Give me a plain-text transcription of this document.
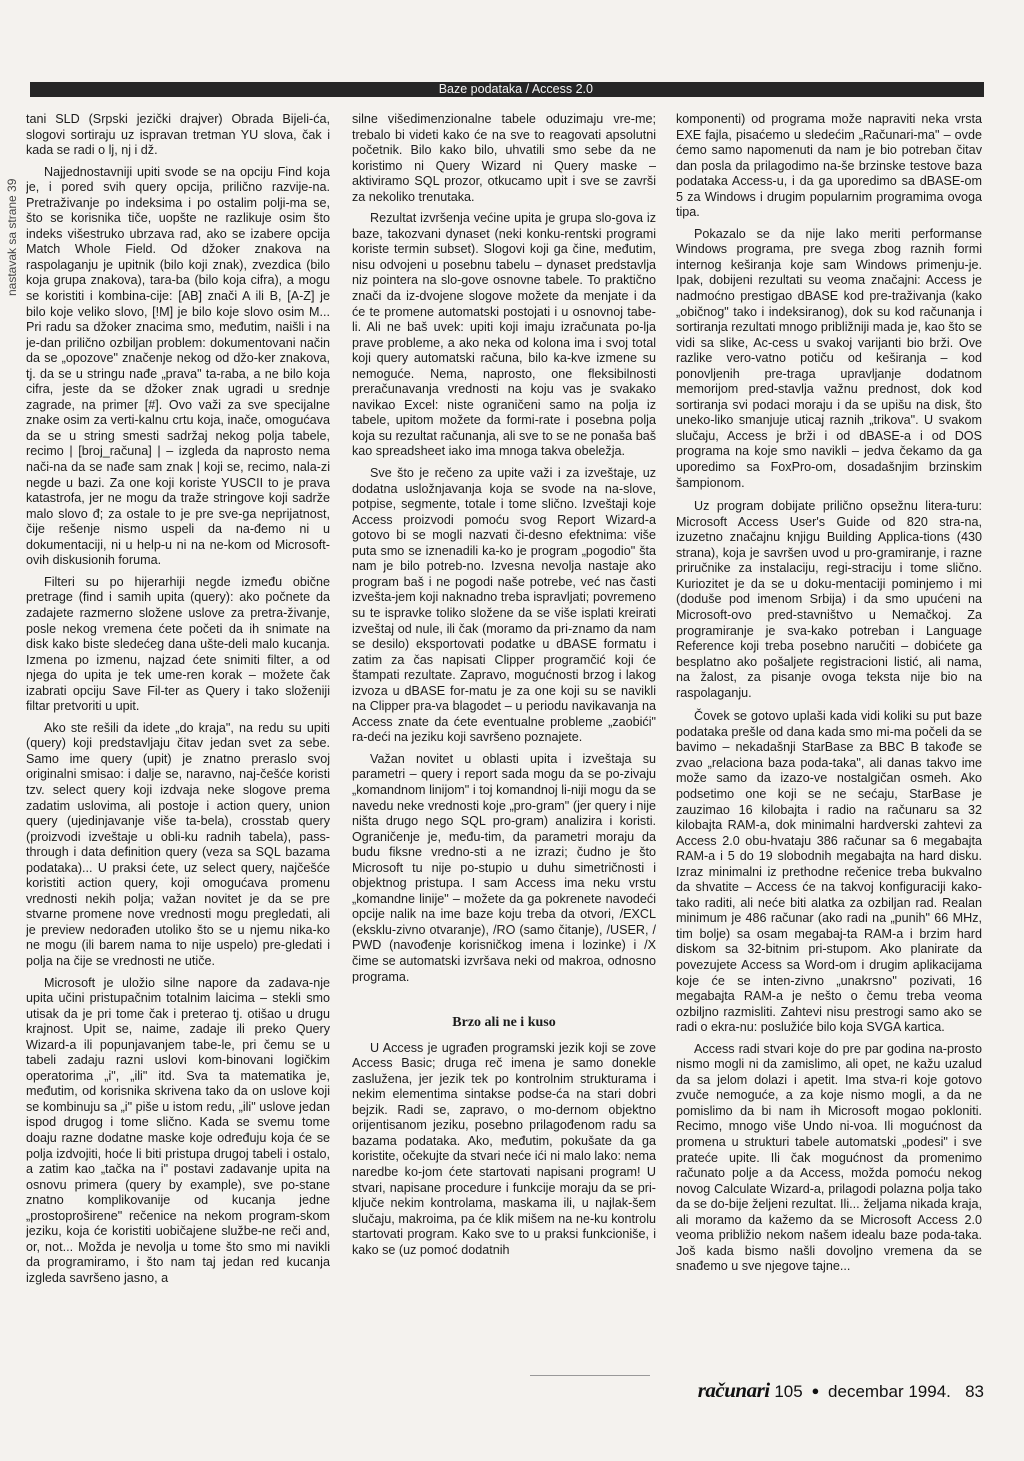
Baze podataka / Access 2.0
nastavak sa strane 39

tani SLD (Srpski jezički drajver) Obrada Bijeli-ća, slogovi sortiraju uz ispravan tretman YU slova, čak i kada se radi o lj, nj i dž.

Najjednostavniji upiti svode se na opciju Find koja je, i pored svih query opcija, prilično razvije-na. Pretraživanje po indeksima i po ostalim polji-ma se, što se korisnika tiče, uopšte ne razlikuje osim što indeks višestruko ubrzava rad, ako se izabere opcija Match Whole Field. Od džoker znakova na raspolaganju je upitnik (bilo koji znak), zvezdica (bilo koja grupa znakova), tara-ba (bilo koja cifra), a mogu se koristiti i kombina-cije: [AB] znači A ili B, [A-Z] je bilo koje veliko slovo, [!M] je bilo koje slovo osim M... Pri radu sa džoker znacima smo, međutim, naišli i na je-dan prilično ozbiljan problem: dokumentovani način da se „opozove" značenje nekog od džo-ker znakova, tj. da se u stringu nađe „prava" ta-raba, a ne bilo koja cifra, jeste da se džoker znak ugradi u srednje zagrade, na primer [#]. Ovo važi za sve specijalne znake osim za verti-kalnu crtu koja, inače, omogućava da se u string smesti sadržaj nekog polja tabele, recimo | [broj_računa] | – izgleda da naprosto nema nači-na da se nađe sam znak | koji se, recimo, nala-zi negde u bazi. Za one koji koriste YUSCII to je prava katastrofa, jer ne mogu da traže stringove koji sadrže malo slovo đ; za ostale to je pre sve-ga neprijatnost, čije rešenje nismo uspeli da na-đemo ni u dokumentaciji, ni u help-u ni na ne-kom od Microsoft-ovih diskusionih foruma.

Filteri su po hijerarhiji negde između obične pretrage (find i samih upita (query): ako počnete da zadajete razmerno složene uslove za pretra-živanje, posle nekog vremena ćete početi da ih snimate na disk kako biste sledećeg dana ušte-deli malo kucanja. Izmena po izmenu, najzad ćete snimiti filter, a od njega do upita je tek ume-ren korak – možete čak izabrati opciju Save Fil-ter as Query i tako složeniji filtar pretvoriti u upit.

Ako ste rešili da idete „do kraja", na redu su upiti (query) koji predstavljaju čitav jedan svet za sebe. Samo ime query (upit) je znatno preraslo svoj originalni smisao: i dalje se, naravno, naj-češće koristi tzv. select query koji izdvaja neke slogove prema zadatim uslovima, ali postoje i action query, union query (ujedinjavanje više ta-bela), crosstab query (proizvodi izveštaje u obli-ku radnih tabela), pass-through i data definition query (veza sa SQL bazama podataka)... U praksi ćete, uz select query, najčešće koristiti action query, koji omogućava promenu vrednosti nekih polja; važan novitet je da se pre stvarne promene nove vrednosti mogu pregledati, ali je preview nedorađen utoliko što se u njemu nika-ko ne mogu (ili barem nama to nije uspelo) pre-gledati i polja na čije se vrednosti ne utiče.

Microsoft je uložio silne napore da zadava-nje upita učini pristupačnim totalnim laicima – stekli smo utisak da je pri tome čak i preterao tj. otišao u drugu krajnost. Upit se, naime, zadaje ili preko Query Wizard-a ili popunjavanjem tabe-le, pri čemu se u tabeli zadaju razni uslovi kom-binovani logičkim operatorima „i", „ili" itd. Sva ta matematika je, međutim, od korisnika skrivena tako da on uslove koji se kombinuju sa „i" piše u istom redu, „ili" uslove jedan ispod drugog i tome slično. Kada se svemu tome doaju razne dodatne maske koje određuju koja će se polja izdvojiti, hoće li biti pristupa drugoj tabeli i ostalo, a zatim kao „tačka na i" postavi zadavanje upita na osnovu primera (query by example), sve po-stane znatno komplikovanije od kucanja jedne „prostoproširene" rečenice na nekom program-skom jeziku, koja će koristiti uobičajene službe-ne reči and, or, not... Možda je nevolja u tome što smo mi navikli da programiramo, i što nam taj jedan red kucanja izgleda savršeno jasno, a

silne višedimenzionalne tabele oduzimaju vre-me; trebalo bi videti kako će na sve to reagovati apsolutni početnik. Bilo kako bilo, uhvatili smo sebe da ne koristimo ni Query Wizard ni Query maske – aktiviramo SQL prozor, otkucamo upit i sve se završi za nekoliko trenutaka.

Rezultat izvršenja većine upita je grupa slo-gova iz baze, takozvani dynaset (neki konku-rentski programi koriste termin subset). Slogovi koji ga čine, međutim, nisu odvojeni u posebnu tabelu – dynaset predstavlja niz pointera na slo-gove osnovne tabele. To praktično znači da iz-dvojene slogove možete da menjate i da će te promene automatski postojati i u osnovnoj tabe-li. Ali ne baš uvek: upiti koji imaju izračunata po-lja prave probleme, a ako neka od kolona ima i svoj total koji query automatski računa, bilo ka-kve izmene su nemoguće. Nema, naprosto, one fleksibilnosti preračunavanja vrednosti na koju vas je svakako navikao Excel: niste ograničeni samo na polja iz tabele, upitom možete da formi-rate i posebna polja koja su rezultat računanja, ali sve to se ne ponaša baš kao spreadsheet iako ima mnoga takva obeležja.

Sve što je rečeno za upite važi i za izveštaje, uz dodatna usložnjavanja koja se svode na na-slove, potpise, segmente, totale i tome slično. Izveštaji koje Access proizvodi pomoću svog Report Wizard-a gotovo bi se mogli nazvati či-desno efektnima: više puta smo se iznenadili ka-ko je program „pogodio" šta nam je bilo potreb-no. Izvesna nevolja nastaje ako program baš i ne pogodi naše potrebe, već nas časti izvešta-jem koji naknadno treba ispravljati; povremeno su te ispravke toliko složene da se više isplati kreirati izveštaj od nule, ili čak (moramo da pri-znamo da nam se desilo) eksportovati podatke u dBASE formatu i zatim za čas napisati Clipper programčić koji će štampati rezultate. Zapravo, mogućnosti brzog i lakog izvoza u dBASE for-matu je za one koji su se navikli na Clipper pra-va blagodet – u periodu navikavanja na Access znate da ćete eventualne probleme „zaobići" ra-deći na jeziku koji savršeno poznajete.

Važan novitet u oblasti upita i izveštaja su parametri – query i report sada mogu da se po-zivaju „komandnom linijom" i toj komandnoj li-niji mogu da se navedu neke vrednosti koje „pro-gram" (jer query i nije ništa drugo nego SQL pro-gram) analizira i koristi. Ograničenje je, među-tim, da parametri moraju da budu fiksne vredno-sti a ne izrazi; čudno je što Microsoft tu nije po-stupio u duhu simetričnosti i objektnog pristupa. I sam Access ima neku vrstu „komandne linije" – možete da ga pokrenete navodeći opcije nalik na ime baze koju treba da otvori, /EXCL (eksklu-zivno otvaranje), /RO (samo čitanje), /USER, / PWD (navođenje korisničkog imena i lozinke) i /X čime se automatski izvršava neki od makroa, odnosno programa.

Brzo ali ne i kuso

U Access je ugrađen programski jezik koji se zove Access Basic; druga reč imena je samo donekle zaslužena, jer jezik tek po kontrolnim strukturama i nekim elementima sintakse podse-ća na stari dobri bejzik. Radi se, zapravo, o mo-dernom objektno orijentisanom jeziku, posebno prilagođenom radu sa bazama podataka. Ako, međutim, pokušate da ga koristite, očekujte da stvari neće ići ni malo lako: nema naredbe ko-jom ćete startovati napisani program! U stvari, napisane procedure i funkcije moraju da se pri-ključe nekim kontrolama, maskama ili, u najlak-šem slučaju, makroima, pa će klik mišem na ne-ku kontrolu startovati program. Kako sve to u praksi funkcioniše, i kako se (uz pomoć dodatnih

komponenti) od programa može napraviti neka vrsta EXE fajla, pisaćemo u sledećim „Računari-ma" – ovde ćemo samo napomenuti da nam je bio potreban čitav dan posla da prilagodimo na-še brzinske testove baza podataka Access-u, i da ga uporedimo sa dBASE-om 5 za Windows i drugim popularnim programima ovoga tipa.

Pokazalo se da nije lako meriti performanse Windows programa, pre svega zbog raznih formi internog keširanja koje sam Windows primenju-je. Ipak, dobijeni rezultati su veoma značajni: Access je nadmoćno prestigao dBASE kod pre-traživanja (kako „običnog" tako i indeksiranog), dok su kod računanja i sortiranja rezultati mnogo približniji mada je, kao što se vidi sa slike, Ac-cess u svakoj varijanti bio brži. Ove razlike vero-vatno potiču od keširanja – kod ponovljenih pre-traga upravljanje dodatnom memorijom pred-stavlja važnu prednost, dok kod sortiranja svi podaci moraju i da se upišu na disk, što uneko-liko smanjuje uticaj raznih „trikova". U svakom slučaju, Access je brži i od dBASE-a i od DOS programa na koje smo navikli – jedva čekamo da ga uporedimo sa FoxPro-om, dosadašnjim brzinskim šampionom.

Uz program dobijate prilično opsežnu litera-turu: Microsoft Access User's Guide od 820 stra-na, izuzetno značajnu knjigu Building Applica-tions (430 strana), koja je savršen uvod u pro-gramiranje, i razne priručnike za instalaciju, regi-straciju i tome slično. Kuriozitet je da se u doku-mentaciji pominjemo i mi (doduše pod imenom Srbija) i da smo upućeni na Microsoft-ovo pred-stavništvo u Nemačkoj. Za programiranje je sva-kako potreban i Language Reference koji treba posebno naručiti – dobićete ga besplatno ako pošaljete registracioni listić, ali nama, na žalost, za pisanje ovoga teksta nije bio na raspolaganju.

Čovek se gotovo uplaši kada vidi koliki su put baze podataka prešle od dana kada smo mi-ma počeli da se bavimo – nekadašnji StarBase za BBC B takođe se zvao „relaciona baza poda-taka", ali danas takvo ime može samo da izazo-ve nostalgičan osmeh. Ako podsetimo one koji se ne sećaju, StarBase je zauzimao 16 kilobajta i radio na računaru sa 32 kilobajta RAM-a, dok minimalni hardverski zahtevi za Access 2.0 obu-hvataju 386 računar sa 6 megabajta RAM-a i 5 do 19 slobodnih megabajta na hard disku. Izraz minimalni iz prethodne rečenice treba bukvalno da shvatite – Access će na takvoj konfiguraciji kako-tako raditi, ali neće biti alatka za ozbiljan rad. Realan minimum je 486 računar (ako radi na „punih" 66 MHz, tim bolje) sa osam megabaj-ta RAM-a i brzim hard diskom sa 32-bitnim pri-stupom. Ako planirate da povezujete Access sa Word-om i drugim aplikacijama koje će se inten-zivno „unakrsno" pozivati, 16 megabajta RAM-a je nešto o čemu treba veoma ozbiljno razmisliti. Zahtevi nisu prestrogi samo ako se radi o ekra-nu: poslužiće bilo koja SVGA kartica.

Access radi stvari koje do pre par godina na-prosto nismo mogli ni da zamislimo, ali opet, ne kažu uzalud da sa jelom dolazi i apetit. Ima stva-ri koje gotovo zvuče nemoguće, a za koje nismo mogli, a da ne pomislimo da bi nam ih Microsoft mogao pokloniti. Recimo, mnogo više Undo ni-voa. Ili mogućnost da promena u strukturi tabele automatski „podesi" i sve prateće upite. Ili čak mogućnost da promenimo računato polje a da Access, možda pomoću nekog novog Calculate Wizard-a, prilagodi polazna polja tako da se do-bije željeni rezultat. Ili... željama nikada kraja, ali moramo da kažemo da se Microsoft Access 2.0 veoma približio nekom našem idealu baze poda-taka. Još kada bismo našli dovoljno vremena da se snađemo u sve njegove tajne...

računari 105 ● decembar 1994. 83
